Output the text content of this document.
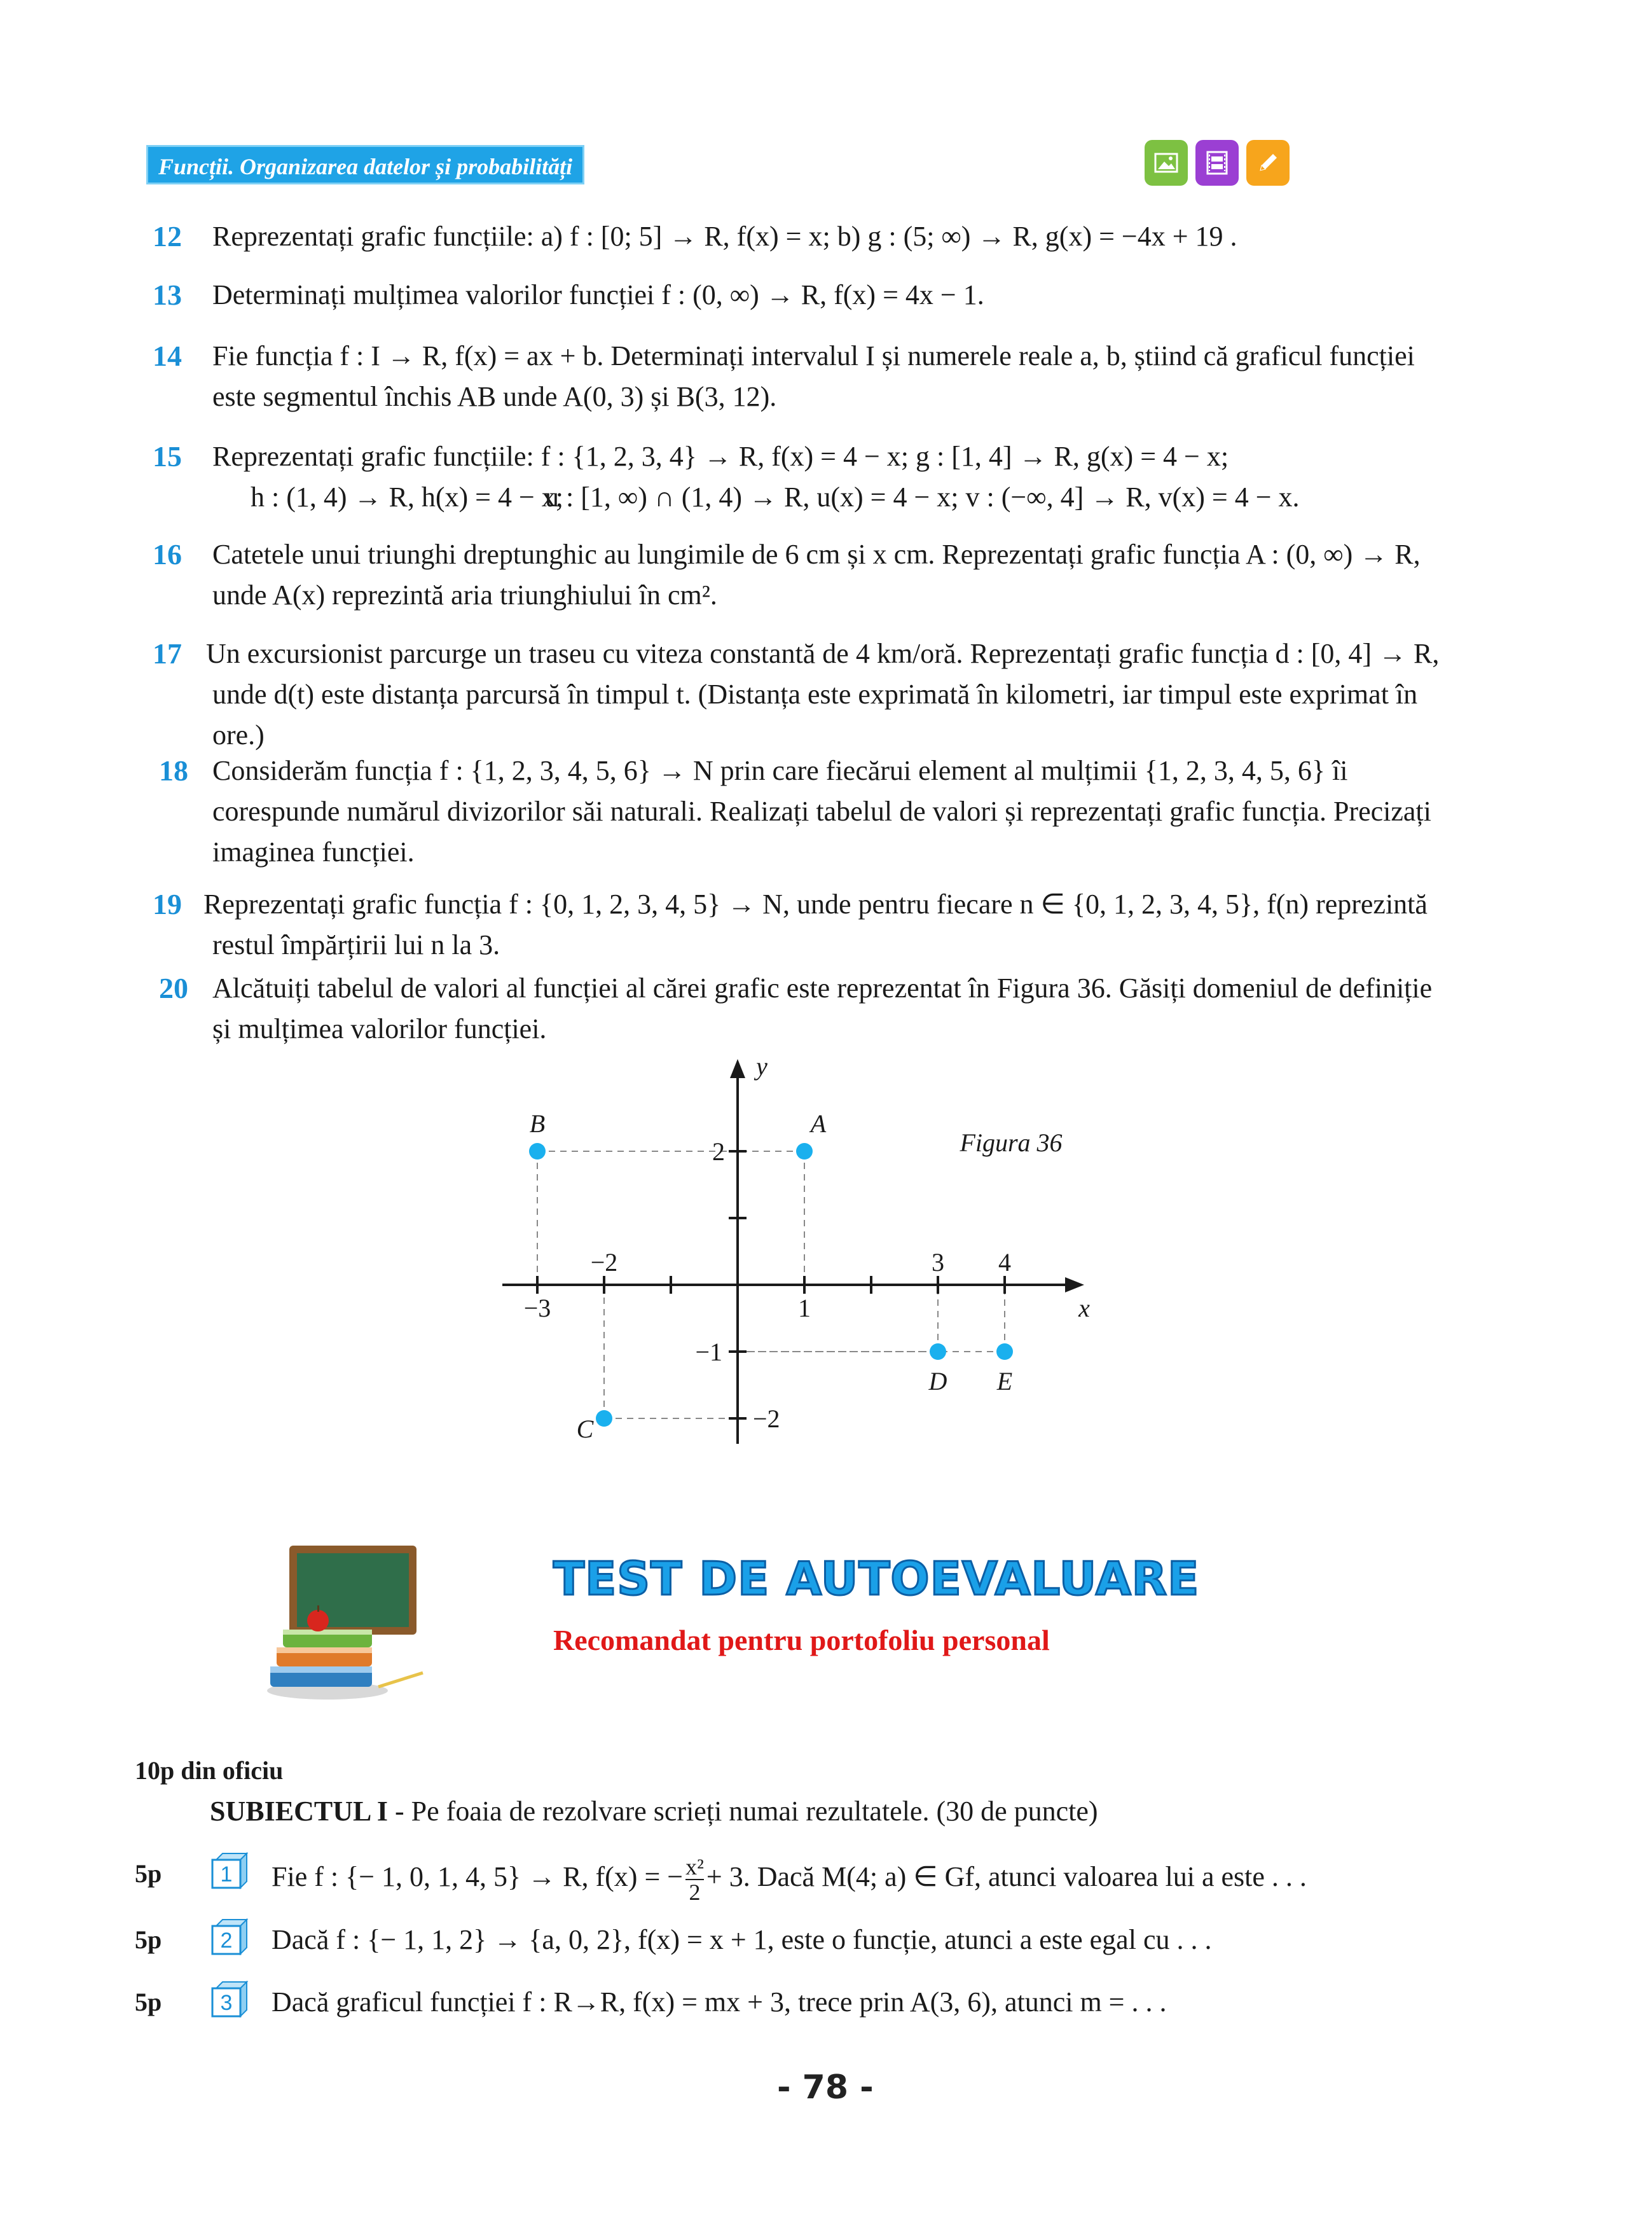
Funcții. Organizarea datelor și probabilități
12	Reprezentați grafic funcțiile: a) f : [0; 5] → R, f(x) = x; b) g : (5; ∞) → R, g(x) = −4x + 19 .
13	Determinați mulțimea valorilor funcției f : (0, ∞) → R, f(x) = 4x − 1.
14	Fie funcția f : I → R, f(x) = ax + b. Determinați intervalul I și numerele reale a, b, știind că graficul funcției
este segmentul închis AB unde A(0, 3) și B(3, 12).
15	Reprezentați grafic funcțiile: f : {1, 2, 3, 4} → R, f(x) = 4 − x; g : [1, 4] → R, g(x) = 4 − x;
h : (1, 4) → R, h(x) = 4 − x; u : [1, ∞) ∩ (1, 4) → R, u(x) = 4 − x; v : (−∞, 4] → R, v(x) = 4 − x.
16	Catetele unui triunghi dreptunghic au lungimile de 6 cm și x cm. Reprezentați grafic funcția A : (0, ∞) → R,
unde A(x) reprezintă aria triunghiului în cm².
17 Un excursionist parcurge un traseu cu viteza constantă de 4 km/oră. Reprezentați grafic funcția d : [0, 4] → R,
unde d(t) este distanța parcursă în timpul t. (Distanța este exprimată în kilometri, iar timpul este exprimat în
ore.)
18 Considerăm funcția f : {1, 2, 3, 4, 5, 6} → N prin care fiecărui element al mulțimii {1, 2, 3, 4, 5, 6} îi
corespunde numărul divizorilor săi naturali. Realizați tabelul de valori și reprezentați grafic funcția. Precizați
imaginea funcției.
19 Reprezentați grafic funcția f : {0, 1, 2, 3, 4, 5} → N, unde pentru fiecare n ∈ {0, 1, 2, 3, 4, 5}, f(n) reprezintă
restul împărțirii lui n la 3.
20 Alcătuiți tabelul de valori al funcției al cărei grafic este reprezentat în Figura 36. Găsiți domeniul de definiție
și mulțimea valorilor funcției.
−3
−2
1
3 4
2
−1
−2
x
y
A
B
C
D E
Figura 36
TEST DE AUTOEVALUARE
Recomandat pentru portofoliu personal
10p din oficiu
SUBIECTUL I - Pe foaia de rezolvare scrieți numai rezultatele. (30 de puncte)
5p	1 Fie f : {− 1, 0, 1, 4, 5} → R, f(x) = − $\frac{\text{x²}}{2} + 3$. Dacă M(4; a) ∈ Gf, atunci valoarea lui a este . . .
5p	2 Dacă f : {− 1, 1, 2} → {a, 0, 2}, f(x) = x + 1, este o funcție, atunci a este egal cu . . .
5p	3 Dacă graficul funcției f : R→R, f(x) = mx + 3, trece prin A(3, 6), atunci m = . . .
- 78 -
